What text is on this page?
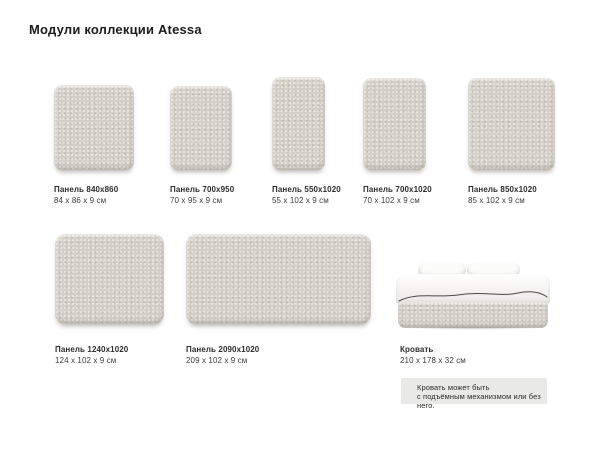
Модули коллекции Atessa
Панель 840x860
84 x 86 x 9 см
Панель 700x950
70 x 95 x 9 см
Панель 550x1020
55 x 102 x 9 см
Панель 700x1020
70 x 102 x 9 см
Панель 850x1020
85 x 102 x 9 см
Панель 1240x1020
124 x 102 x 9 см
Панель 2090x1020
209 x 102 x 9 см
Кровать
210 x 178 x 32 см
Кровать может быть
с подъёмным механизмом или без него.
